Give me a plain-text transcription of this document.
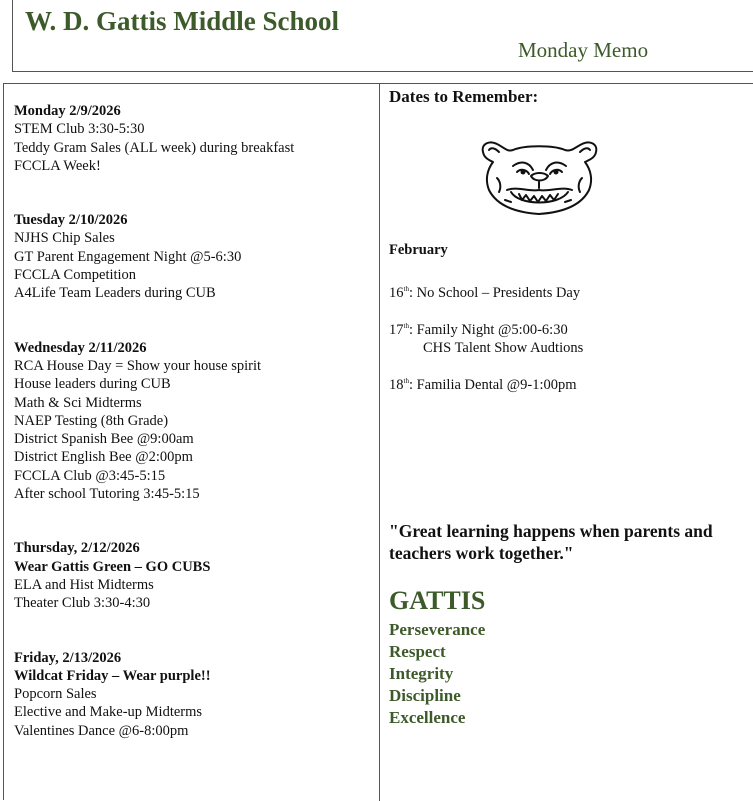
W. D. Gattis Middle School
Monday Memo
Monday 2/9/2026
STEM Club 3:30-5:30
Teddy Gram Sales (ALL week) during breakfast
FCCLA Week!
Tuesday 2/10/2026
NJHS Chip Sales
GT Parent Engagement Night @5-6:30
FCCLA Competition
A4Life Team Leaders during CUB
Wednesday 2/11/2026
RCA House Day = Show your house spirit
House leaders during CUB
Math & Sci Midterms
NAEP Testing (8th Grade)
District Spanish Bee @9:00am
District English Bee @2:00pm
FCCLA Club @3:45-5:15
After school Tutoring 3:45-5:15
Thursday, 2/12/2026
Wear Gattis Green – GO CUBS
ELA and Hist Midterms
Theater Club 3:30-4:30
Friday, 2/13/2026
Wildcat Friday – Wear purple!!
Popcorn Sales
Elective and Make-up Midterms
Valentines Dance @6-8:00pm
Dates to Remember:
February
16th: No School – Presidents Day
17th: Family Night @5:00-6:30
CHS Talent Show Audtions
18th: Familia Dental @9-1:00pm
"Great learning happens when parents and teachers work together."
GATTIS
Perseverance
Respect
Integrity
Discipline
Excellence
